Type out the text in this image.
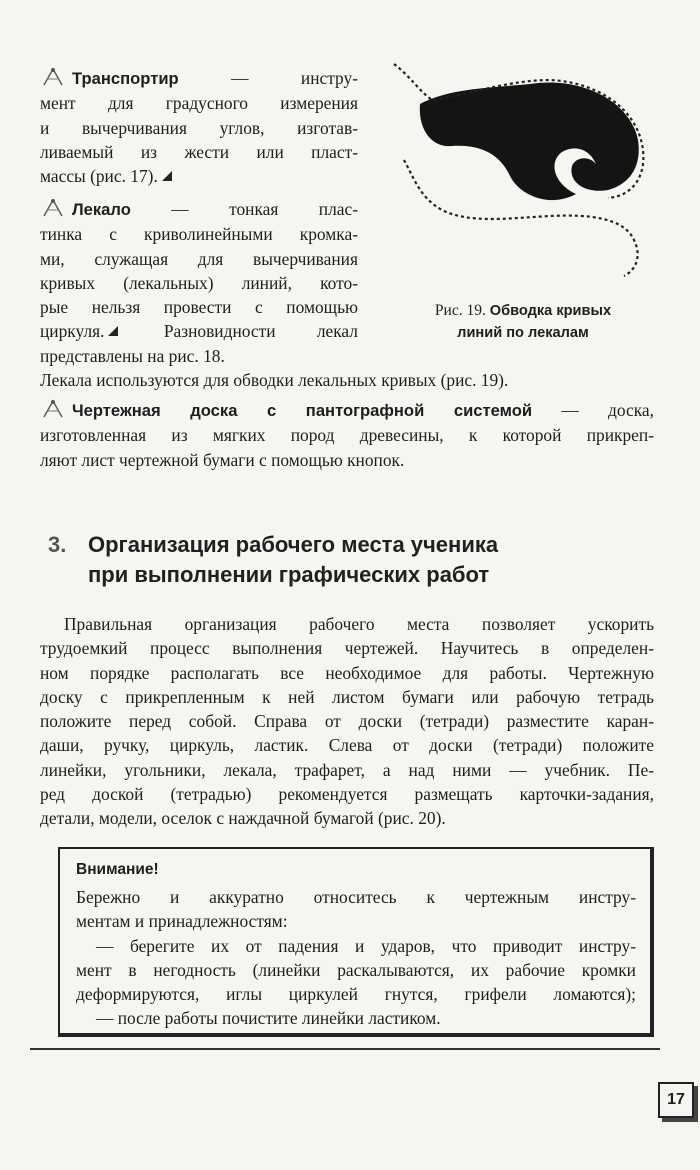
Транспортир — инстру-
мент для градусного измерения
и вычерчивания углов, изготав-
ливаемый из жести или пласт-
массы (рис. 17).
Лекало — тонкая плас-
тинка с криволинейными кромка-
ми, служащая для вычерчивания
кривых (лекальных) линий, кото-
рые нельзя провести с помощью
циркуля. Разновидности лекал
представлены на рис. 18.
Рис. 19. Обводка кривых
линий по лекалам
Лекала используются для обводки лекальных кривых (рис. 19).
Чертежная доска с пантографной системой — доска,
изготовленная из мягких пород древесины, к которой прикреп-
ляют лист чертежной бумаги с помощью кнопок.
3. Организация рабочего места ученика
при выполнении графических работ
Правильная организация рабочего места позволяет ускорить
трудоемкий процесс выполнения чертежей. Научитесь в определен-
ном порядке располагать все необходимое для работы. Чертежную
доску с прикрепленным к ней листом бумаги или рабочую тетрадь
положите перед собой. Справа от доски (тетради) разместите каран-
даши, ручку, циркуль, ластик. Слева от доски (тетради) положите
линейки, угольники, лекала, трафарет, а над ними — учебник. Пе-
ред доской (тетрадью) рекомендуется размещать карточки-задания,
детали, модели, оселок с наждачной бумагой (рис. 20).
Внимание!
Бережно и аккуратно относитесь к чертежным инстру-
ментам и принадлежностям:
— берегите их от падения и ударов, что приводит инстру-
мент в негодность (линейки раскалываются, их рабочие кромки
деформируются, иглы циркулей гнутся, грифели ломаются);
— после работы почистите линейки ластиком.
17
